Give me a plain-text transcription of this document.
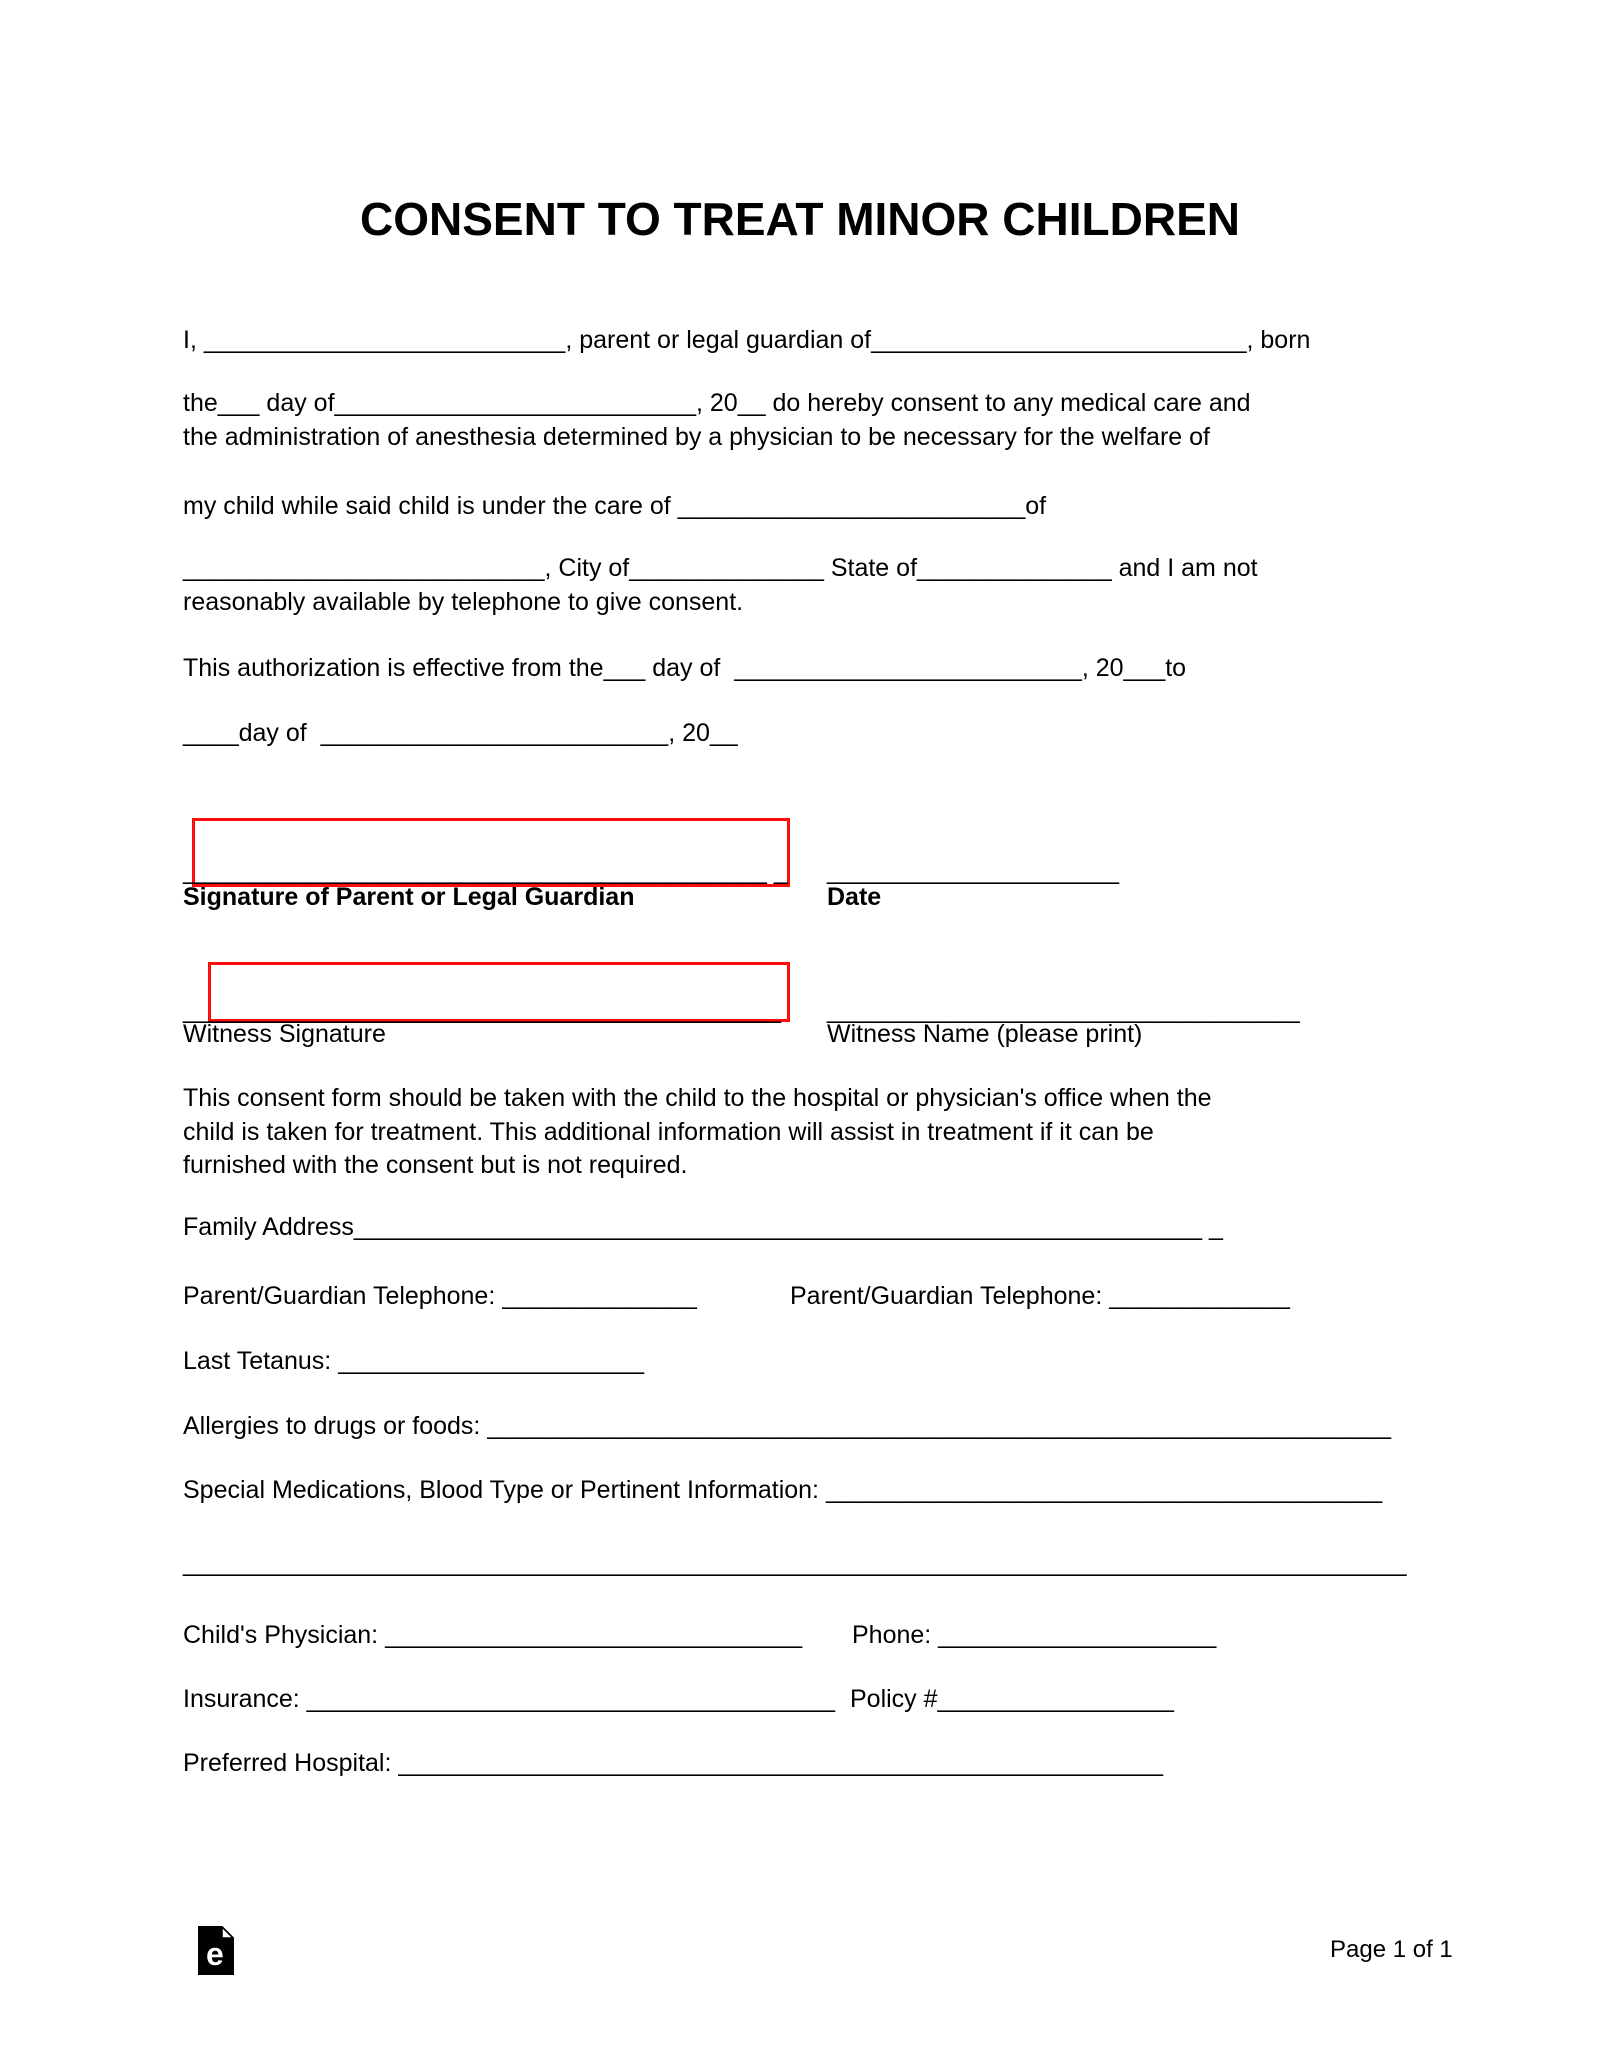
CONSENT TO TREAT MINOR CHILDREN
I, __________________________, parent or legal guardian of___________________________, born
the___ day of__________________________, 20__ do hereby consent to any medical care and
the administration of anesthesia determined by a physician to be necessary for the welfare of
my child while said child is under the care of _________________________of
__________________________, City of______________ State of______________ and I am not
reasonably available by telephone to give consent.
This authorization is effective from the___ day of  _________________________, 20___to
____day of  _________________________, 20__
__________________________________________ _ _____________________
Signature of Parent or Legal Guardian	Date
___________________________________________ __________________________________
Witness Signature	Witness Name (please print)
This consent form should be taken with the child to the hospital or physician's office when the
child is taken for treatment. This additional information will assist in treatment if it can be
furnished with the consent but is not required.
Family Address_____________________________________________________________ _
Parent/Guardian Telephone: ______________	Parent/Guardian Telephone: _____________
Last Tetanus: ______________________
Allergies to drugs or foods: _________________________________________________________________
Special Medications, Blood Type or Pertinent Information: ________________________________________
________________________________________________________________________________________
Child's Physician: ______________________________ Phone: ____________________
Insurance: ______________________________________ Policy #_________________
Preferred Hospital: _______________________________________________________
e	Page 1 of 1
